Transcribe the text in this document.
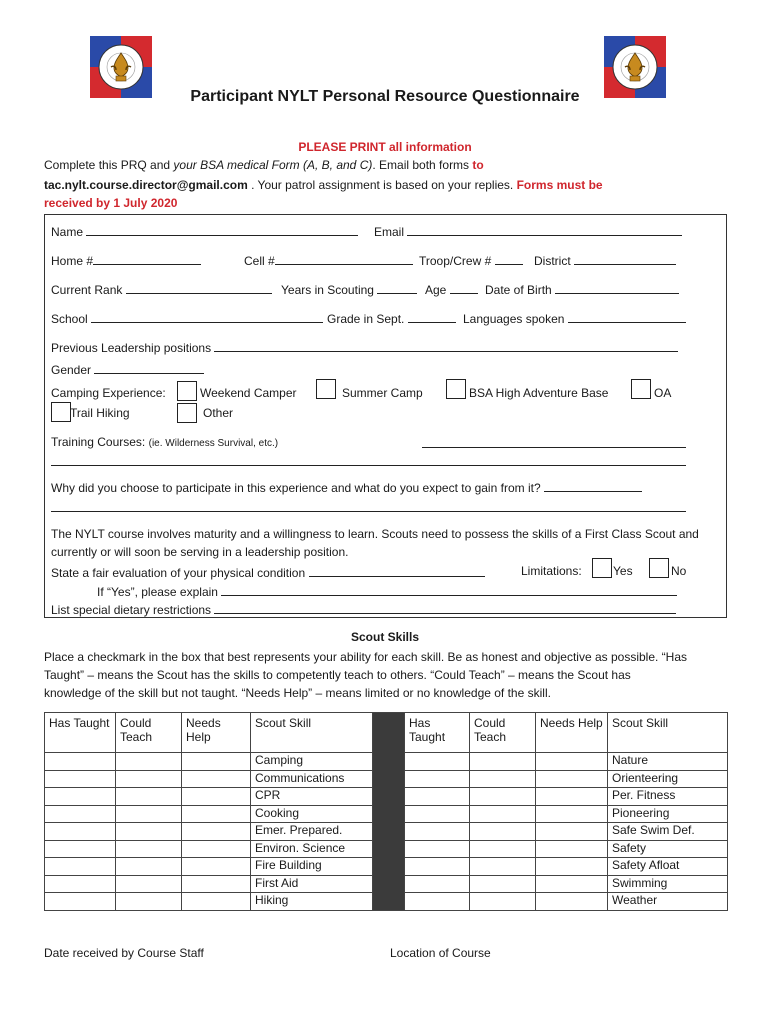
Participant NYLT Personal Resource Questionnaire
PLEASE PRINT all information
Complete this PRQ and your BSA medical Form (A, B, and C). Email both forms to
tac.nylt.course.director@gmail.com . Your patrol assignment is based on your replies. Forms must be
received by 1 July 2020
Name	Email
Home #	Cell #	Troop/Crew #	District
Current Rank	Years in Scouting	Age	Date of Birth
School	Grade in Sept.	Languages spoken
Previous Leadership positions
Gender
Camping Experience:	Weekend Camper	Summer Camp	BSA High Adventure Base	OA
Trail Hiking	Other
Training Courses: (ie. Wilderness Survival, etc.)
Why did you choose to participate in this experience and what do you expect to gain from it?
The NYLT course involves maturity and a willingness to learn. Scouts need to possess the skills of a First Class Scout and
currently or will soon be serving in a leadership position.
State a fair evaluation of your physical condition	Limitations:	Yes	No
If “Yes”, please explain
List special dietary restrictions
Scout Skills
Place a checkmark in the box that best represents your ability for each skill. Be as honest and objective as possible. “Has
Taught” – means the Scout has the skills to competently teach to others. “Could Teach” – means the Scout has
knowledge of the skill but not taught. “Needs Help” – means limited or no knowledge of the skill.
Has Taught	Could Teach	Needs Help	Scout Skill		Has Taught	Could Teach	Needs Help	Scout Skill
			Camping					Nature
			Communications					Orienteering
			CPR					Per. Fitness
			Cooking					Pioneering
			Emer. Prepared.					Safe Swim Def.
			Environ. Science					Safety
			Fire Building					Safety Afloat
			First Aid					Swimming
			Hiking					Weather
Date received by Course Staff	Location of Course
